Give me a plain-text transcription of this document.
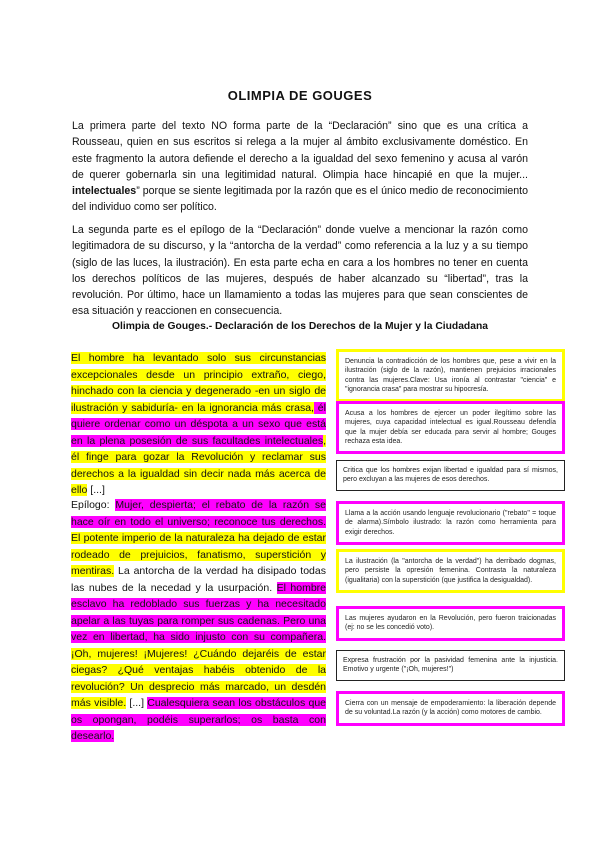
OLIMPIA DE GOUGES

La primera parte del texto NO forma parte de la “Declaración” sino que es una crítica a Rousseau, quien en sus escritos si relega a la mujer al ámbito exclusivamente doméstico. En este fragmento la autora defiende el derecho a la igualdad del sexo femenino y acusa al varón de querer gobernarla sin una legitimidad natural. Olimpia hace hincapié en que la mujer... intelectuales” porque se siente legitimada por la razón que es el único medio de reconocimiento del individuo como ser político.

La segunda parte es el epílogo de la “Declaración” donde vuelve a mencionar la razón como legitimadora de su discurso, y la “antorcha de la verdad” como referencia a la luz y a su tiempo (siglo de las luces, la ilustración). En esta parte echa en cara a los hombres no tener en cuenta los derechos políticos de las mujeres, después de haber alcanzado su “libertad”, tras la revolución. Por último, hace un llamamiento a todas las mujeres para que sean conscientes de esa situación y reaccionen en consecuencia.

Olimpia de Gouges.- Declaración de los Derechos de la Mujer y la Ciudadana

El hombre ha levantado solo sus circunstancias excepcionales desde un principio extraño, ciego, hinchado con la ciencia y degenerado -en un siglo de ilustración y sabiduría- en la ignorancia más crasa, él quiere ordenar como un déspota a un sexo que está en la plena posesión de sus facultades intelectuales, él finge para gozar la Revolución y reclamar sus derechos a la igualdad sin decir nada más acerca de ello [...]

Epílogo: Mujer, despierta; el rebato de la razón se hace oír en todo el universo; reconoce tus derechos. El potente imperio de la naturaleza ha dejado de estar rodeado de prejuicios, fanatismo, superstición y mentiras. La antorcha de la verdad ha disipado todas las nubes de la necedad y la usurpación. El hombre esclavo ha redoblado sus fuerzas y ha necesitado apelar a las tuyas para romper sus cadenas. Pero una vez en libertad, ha sido injusto con su compañera. ¡Oh, mujeres! ¡Mujeres! ¿Cuándo dejaréis de estar ciegas? ¿Qué ventajas habéis obtenido de la revolución? Un desprecio más marcado, un desdén más visible. [...] Cualesquiera sean los obstáculos que os opongan, podéis superarlos; os basta con desearlo.

Denuncia la contradicción de los hombres que, pese a vivir en la ilustración (siglo de la razón), mantienen prejuicios irracionales contra las mujeres.Clave: Usa ironía al contrastar "ciencia" e "ignorancia crasa" para mostrar su hipocresía.
Acusa a los hombres de ejercer un poder ilegítimo sobre las mujeres, cuya capacidad intelectual es igual.Rousseau defendía que la mujer debía ser educada para servir al hombre; Gouges rechaza esta idea.
Critica que los hombres exijan libertad e igualdad para sí mismos, pero excluyan a las mujeres de esos derechos.
Llama a la acción usando lenguaje revolucionario ("rebato" = toque de alarma).Símbolo ilustrado: la razón como herramienta para exigir derechos.
La ilustración (la "antorcha de la verdad") ha derribado dogmas, pero persiste la opresión femenina. Contrasta la naturaleza (igualitaria) con la superstición (que justifica la desigualdad).
Las mujeres ayudaron en la Revolución, pero fueron traicionadas (ej: no se les concedió voto).
Expresa frustración por la pasividad femenina ante la injusticia. Emotivo y urgente ("¡Oh, mujeres!")
Cierra con un mensaje de empoderamiento: la liberación depende de su voluntad.La razón (y la acción) como motores de cambio.
